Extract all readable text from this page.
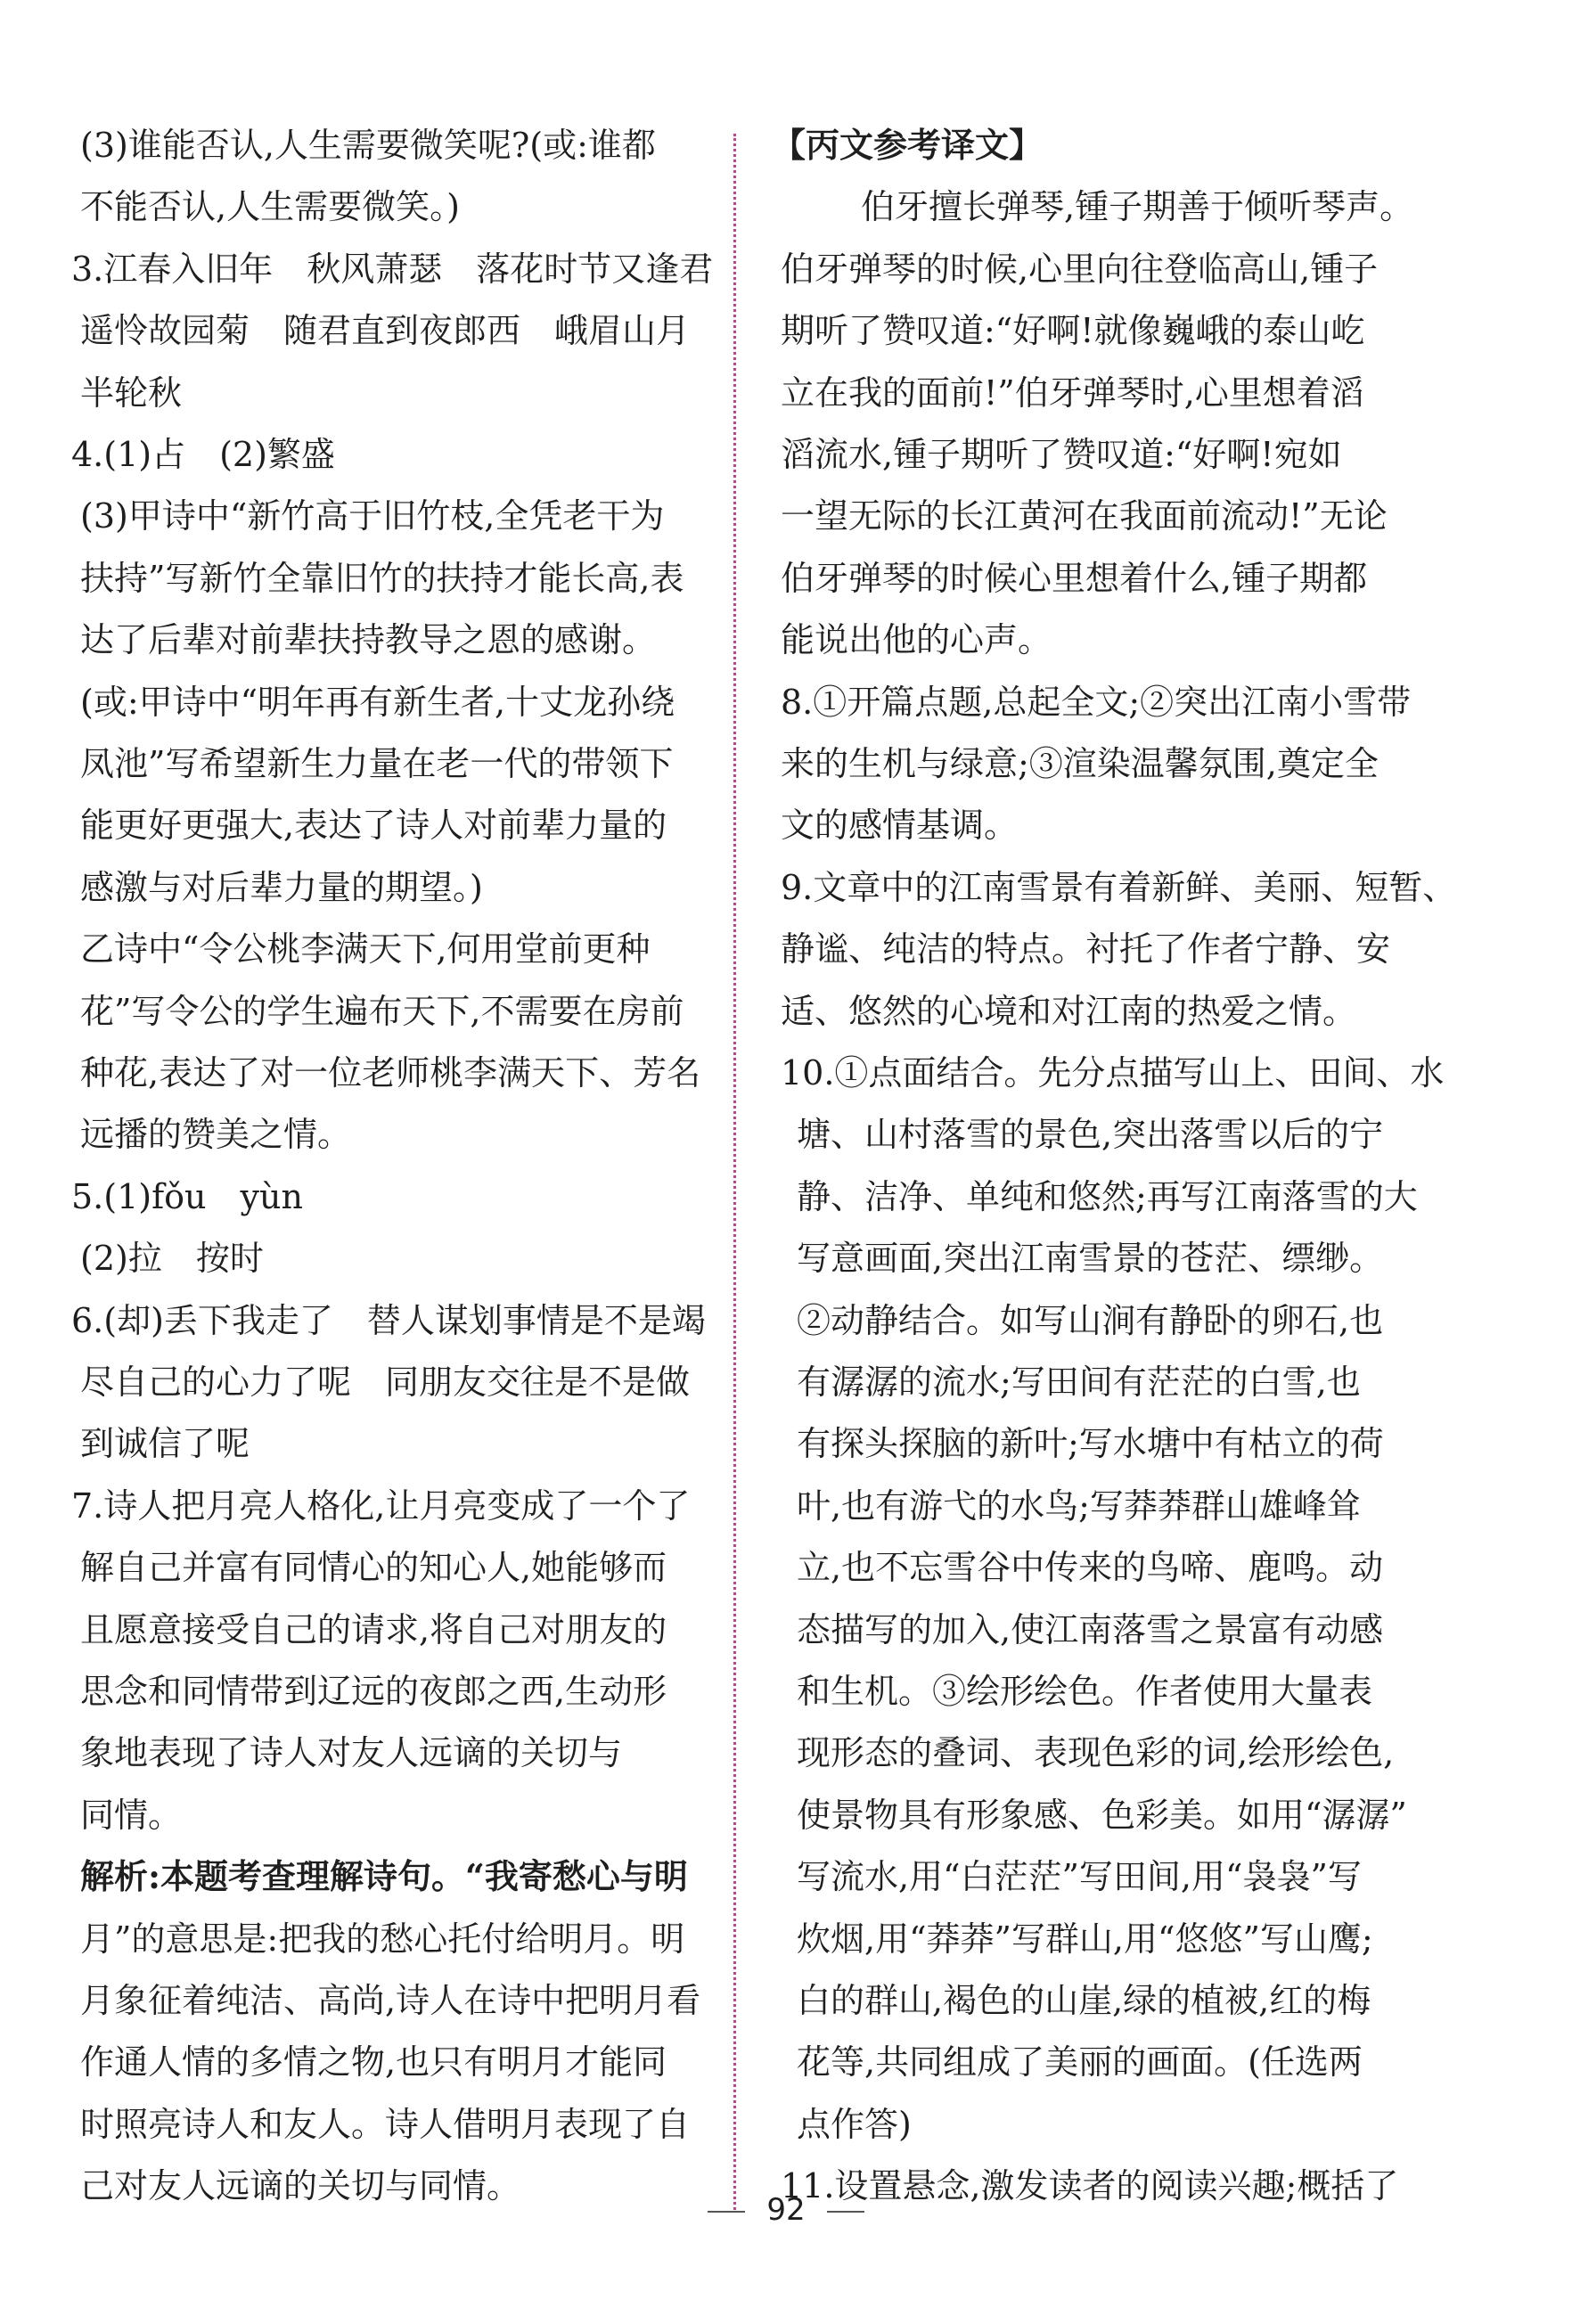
(3)谁能否认,人生需要微笑呢?(或:谁都
不能否认,人生需要微笑。)
3.江春入旧年　秋风萧瑟　落花时节又逢君
遥怜故园菊　随君直到夜郎西　峨眉山月
半轮秋
4.(1)占　(2)繁盛
(3)甲诗中“新竹高于旧竹枝,全凭老干为
扶持”写新竹全靠旧竹的扶持才能长高,表
达了后辈对前辈扶持教导之恩的感谢。
(或:甲诗中“明年再有新生者,十丈龙孙绕
凤池”写希望新生力量在老一代的带领下
能更好更强大,表达了诗人对前辈力量的
感激与对后辈力量的期望。)
乙诗中“令公桃李满天下,何用堂前更种
花”写令公的学生遍布天下,不需要在房前
种花,表达了对一位老师桃李满天下、芳名
远播的赞美之情。
5.(1)fǒu　yùn
(2)拉　按时
6.(却)丢下我走了　替人谋划事情是不是竭
尽自己的心力了呢　同朋友交往是不是做
到诚信了呢
7.诗人把月亮人格化,让月亮变成了一个了
解自己并富有同情心的知心人,她能够而
且愿意接受自己的请求,将自己对朋友的
思念和同情带到辽远的夜郎之西,生动形
象地表现了诗人对友人远谪的关切与
同情。
解析:本题考查理解诗句。“我寄愁心与明
月”的意思是:把我的愁心托付给明月。明
月象征着纯洁、高尚,诗人在诗中把明月看
作通人情的多情之物,也只有明月才能同
时照亮诗人和友人。诗人借明月表现了自
己对友人远谪的关切与同情。
【丙文参考译文】
伯牙擅长弹琴,锺子期善于倾听琴声。
伯牙弹琴的时候,心里向往登临高山,锺子
期听了赞叹道:“好啊!就像巍峨的泰山屹
立在我的面前!”伯牙弹琴时,心里想着滔
滔流水,锺子期听了赞叹道:“好啊!宛如
一望无际的长江黄河在我面前流动!”无论
伯牙弹琴的时候心里想着什么,锺子期都
能说出他的心声。
8.①开篇点题,总起全文;②突出江南小雪带
来的生机与绿意;③渲染温馨氛围,奠定全
文的感情基调。
9.文章中的江南雪景有着新鲜、美丽、短暂、
静谧、纯洁的特点。衬托了作者宁静、安
适、悠然的心境和对江南的热爱之情。
10.①点面结合。先分点描写山上、田间、水
塘、山村落雪的景色,突出落雪以后的宁
静、洁净、单纯和悠然;再写江南落雪的大
写意画面,突出江南雪景的苍茫、缥缈。
②动静结合。如写山涧有静卧的卵石,也
有潺潺的流水;写田间有茫茫的白雪,也
有探头探脑的新叶;写水塘中有枯立的荷
叶,也有游弋的水鸟;写莽莽群山雄峰耸
立,也不忘雪谷中传来的鸟啼、鹿鸣。动
态描写的加入,使江南落雪之景富有动感
和生机。③绘形绘色。作者使用大量表
现形态的叠词、表现色彩的词,绘形绘色,
使景物具有形象感、色彩美。如用“潺潺”
写流水,用“白茫茫”写田间,用“袅袅”写
炊烟,用“莽莽”写群山,用“悠悠”写山鹰;
白的群山,褐色的山崖,绿的植被,红的梅
花等,共同组成了美丽的画面。(任选两
点作答)
11.设置悬念,激发读者的阅读兴趣;概括了
92
